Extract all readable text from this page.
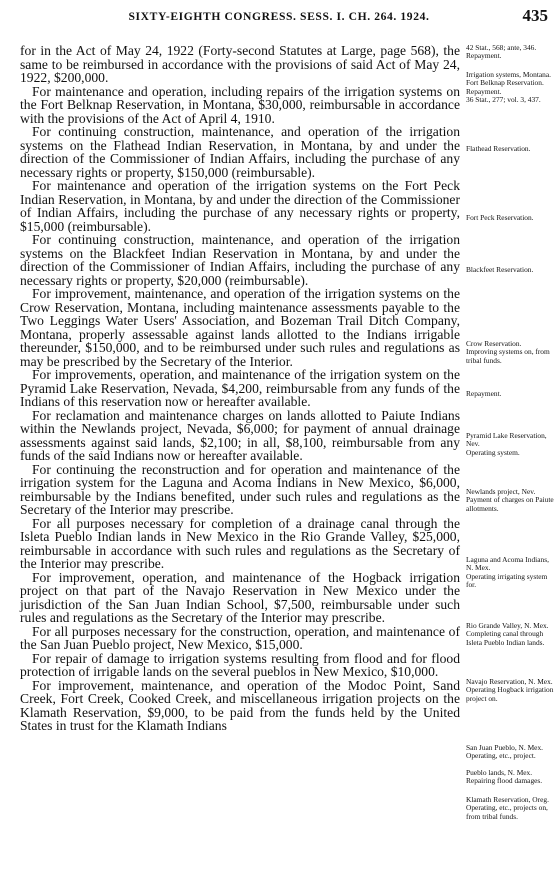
SIXTY-EIGHTH CONGRESS. SESS. I. CH. 264. 1924.	435

for in the Act of May 24, 1922 (Forty-second Statutes at Large, page 568), the same to be reimbursed in accordance with the provisions of said Act of May 24, 1922, $200,000.

For maintenance and operation, including repairs of the irrigation systems on the Fort Belknap Reservation, in Montana, $30,000, reimbursable in accordance with the provisions of the Act of April 4, 1910.

For continuing construction, maintenance, and operation of the irrigation systems on the Flathead Indian Reservation, in Montana, by and under the direction of the Commissioner of Indian Affairs, including the purchase of any necessary rights or property, $150,000 (reimbursable).

For maintenance and operation of the irrigation systems on the Fort Peck Indian Reservation, in Montana, by and under the direction of the Commissioner of Indian Affairs, including the purchase of any necessary rights or property, $15,000 (reimbursable).

For continuing construction, maintenance, and operation of the irrigation systems on the Blackfeet Indian Reservation in Montana, by and under the direction of the Commissioner of Indian Affairs, including the purchase of any necessary rights or property, $20,000 (reimbursable).

For improvement, maintenance, and operation of the irrigation systems on the Crow Reservation, Montana, including maintenance assessments payable to the Two Leggings Water Users' Association, and Bozeman Trail Ditch Company, Montana, properly assessable against lands allotted to the Indians irrigable thereunder, $150,000, and to be reimbursed under such rules and regulations as may be prescribed by the Secretary of the Interior.

For improvements, operation, and maintenance of the irrigation system on the Pyramid Lake Reservation, Nevada, $4,200, reimbursable from any funds of the Indians of this reservation now or hereafter available.

For reclamation and maintenance charges on lands allotted to Paiute Indians within the Newlands project, Nevada, $6,000; for payment of annual drainage assessments against said lands, $2,100; in all, $8,100, reimbursable from any funds of the said Indians now or hereafter available.

For continuing the reconstruction and for operation and maintenance of the irrigation system for the Laguna and Acoma Indians in New Mexico, $6,000, reimbursable by the Indians benefited, under such rules and regulations as the Secretary of the Interior may prescribe.

For all purposes necessary for completion of a drainage canal through the Isleta Pueblo Indian lands in New Mexico in the Rio Grande Valley, $25,000, reimbursable in accordance with such rules and regulations as the Secretary of the Interior may prescribe.

For improvement, operation, and maintenance of the Hogback irrigation project on that part of the Navajo Reservation in New Mexico under the jurisdiction of the San Juan Indian School, $7,500, reimbursable under such rules and regulations as the Secretary of the Interior may prescribe.

For all purposes necessary for the construction, operation, and maintenance of the San Juan Pueblo project, New Mexico, $15,000.

For repair of damage to irrigation systems resulting from flood and for flood protection of irrigable lands on the several pueblos in New Mexico, $10,000.

For improvement, maintenance, and operation of the Modoc Point, Sand Creek, Fort Creek, Cooked Creek, and miscellaneous irrigation projects on the Klamath Reservation, $9,000, to be paid from the funds held by the United States in trust for the Klamath Indians

42 Stat., 568; ante, 346.
Repayment.
Irrigation systems, Montana.
Fort Belknap Reservation.
Repayment.
36 Stat., 277; vol. 3, 437.
Flathead Reservation.
Fort Peck Reservation.
Blackfeet Reservation.
Crow Reservation.
Improving systems on, from tribal funds.
Repayment.
Pyramid Lake Reservation, Nev.
Operating system.
Newlands project, Nev.
Payment of charges on Paiute allotments.
Laguna and Acoma Indians, N. Mex.
Operating irrigating system for.
Rio Grande Valley, N. Mex.
Completing canal through Isleta Pueblo Indian lands.
Navajo Reservation, N. Mex.
Operating Hogback irrigation project on.
San Juan Pueblo, N. Mex.
Operating, etc., project.
Pueblo lands, N. Mex.
Repairing flood damages.
Klamath Reservation, Oreg.
Operating, etc., projects on, from tribal funds.
